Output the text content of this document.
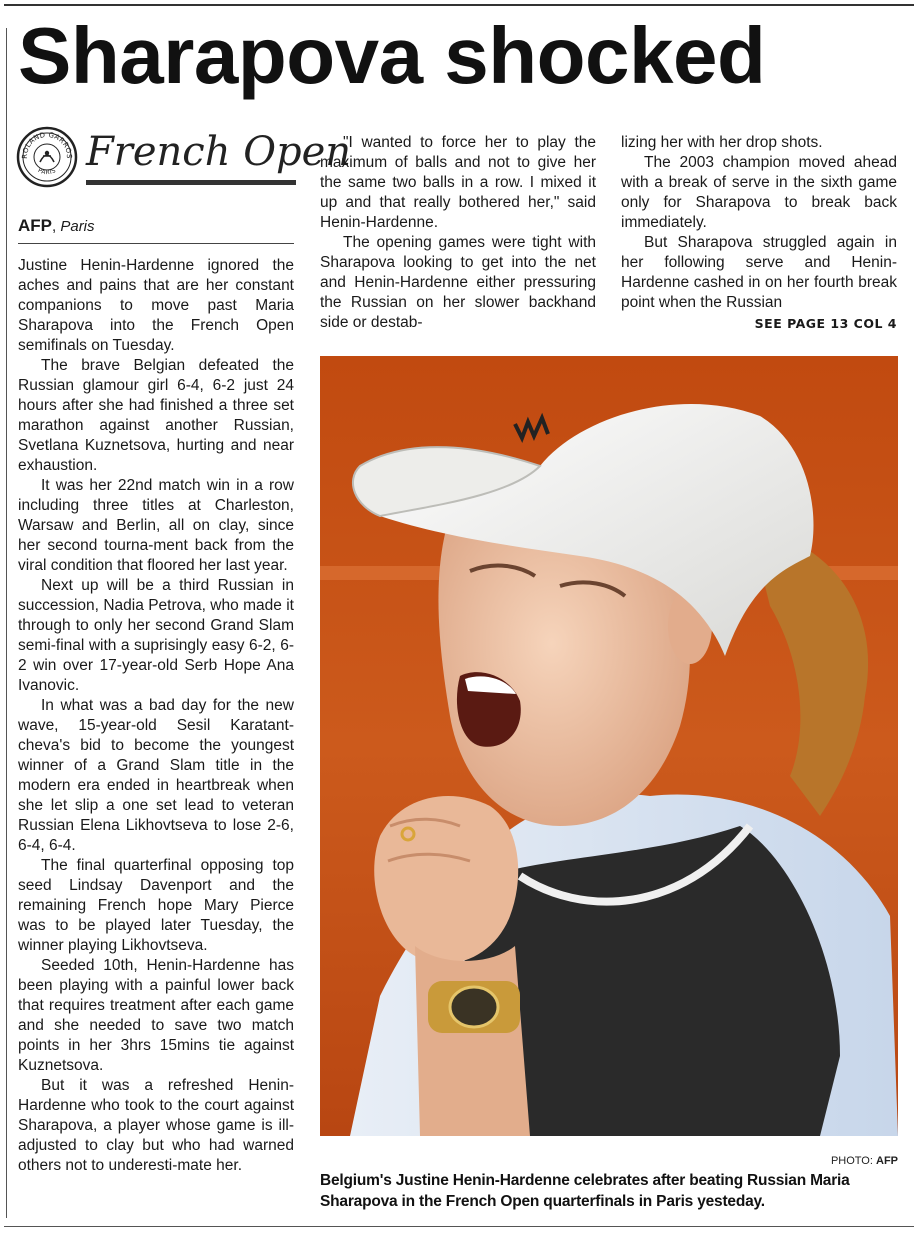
Sharapova shocked
ROLAND GARROS
PARIS French Open
AFP, Paris

Justine Henin-Hardenne ignored the aches and pains that are her constant companions to move past Maria Sharapova into the French Open semifinals on Tuesday.

The brave Belgian defeated the Russian glamour girl 6-4, 6-2 just 24 hours after she had finished a three set marathon against another Russian, Svetlana Kuznetsova, hurting and near exhaustion.

It was her 22nd match win in a row including three titles at Charleston, Warsaw and Berlin, all on clay, since her second tourna-ment back from the viral condition that floored her last year.

Next up will be a third Russian in succession, Nadia Petrova, who made it through to only her second Grand Slam semi-final with a suprisingly easy 6-2, 6-2 win over 17-year-old Serb Hope Ana Ivanovic.

In what was a bad day for the new wave, 15-year-old Sesil Karatant-cheva's bid to become the youngest winner of a Grand Slam title in the modern era ended in heartbreak when she let slip a one set lead to veteran Russian Elena Likhovtseva to lose 2-6, 6-4, 6-4.

The final quarterfinal opposing top seed Lindsay Davenport and the remaining French hope Mary Pierce was to be played later Tuesday, the winner playing Likhovtseva.

Seeded 10th, Henin-Hardenne has been playing with a painful lower back that requires treatment after each game and she needed to save two match points in her 3hrs 15mins tie against Kuznetsova.

But it was a refreshed Henin-Hardenne who took to the court against Sharapova, a player whose game is ill-adjusted to clay but who had warned others not to underesti-mate her.

"I wanted to force her to play the maximum of balls and not to give her the same two balls in a row. I mixed it up and that really bothered her," said Henin-Hardenne.

The opening games were tight with Sharapova looking to get into the net and Henin-Hardenne either pressuring the Russian on her slower backhand side or destab-

lizing her with her drop shots.

The 2003 champion moved ahead with a break of serve in the sixth game only for Sharapova to break back immediately.

But Sharapova struggled again in her following serve and Henin-Hardenne cashed in on her fourth break point when the Russian

SEE PAGE 13 COL 4
PHOTO: AFP
Belgium's Justine Henin-Hardenne celebrates after beating Russian Maria Sharapova in the French Open quarterfinals in Paris yesteday.
